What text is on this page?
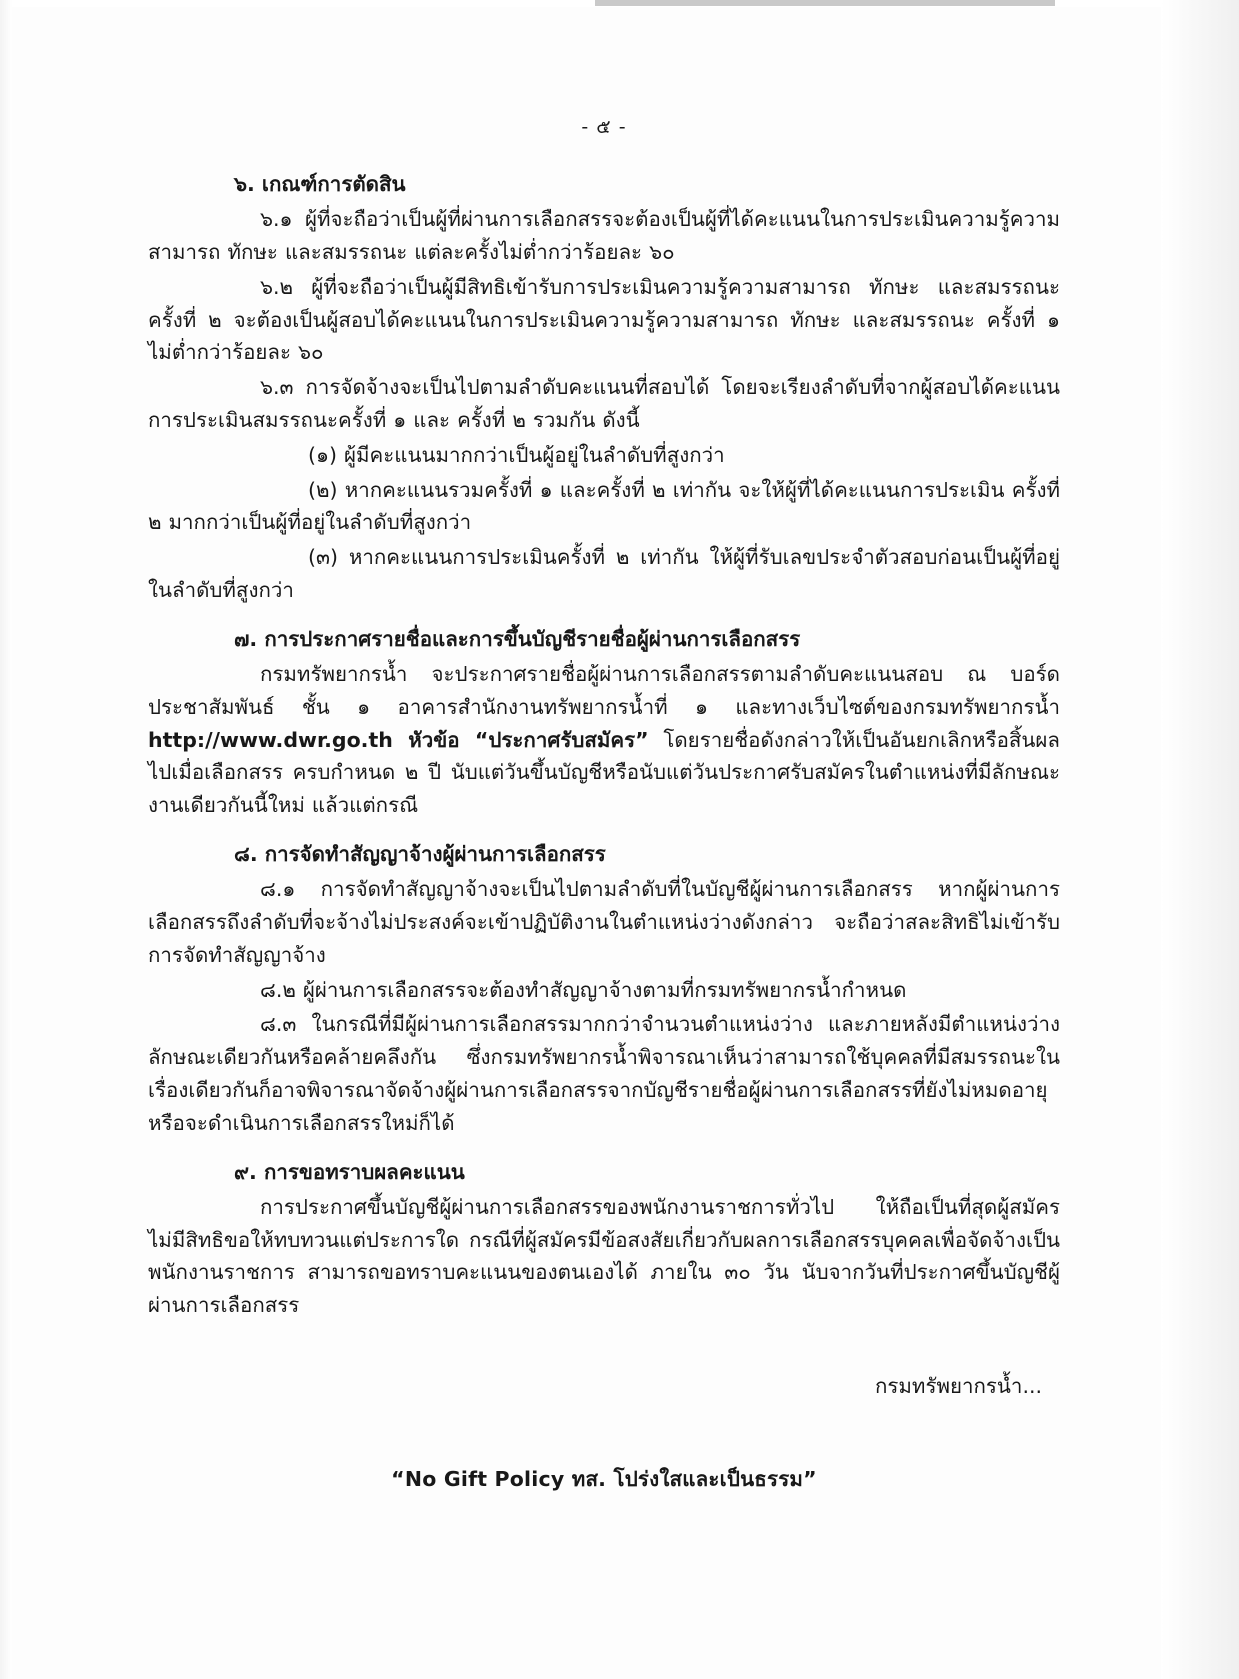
- ๕ -
๖. เกณฑ์การตัดสิน

๖.๑ ผู้ที่จะถือว่าเป็นผู้ที่ผ่านการเลือกสรรจะต้องเป็นผู้ที่ได้คะแนนในการประเมินความรู้ความสามารถ ทักษะ และสมรรถนะ แต่ละครั้งไม่ต่ำกว่าร้อยละ ๖๐

๖.๒ ผู้ที่จะถือว่าเป็นผู้มีสิทธิเข้ารับการประเมินความรู้ความสามารถ ทักษะ และสมรรถนะ ครั้งที่ ๒ จะต้องเป็นผู้สอบได้คะแนนในการประเมินความรู้ความสามารถ ทักษะ และสมรรถนะ ครั้งที่ ๑ ไม่ต่ำกว่าร้อยละ ๖๐

๖.๓ การจัดจ้างจะเป็นไปตามลำดับคะแนนที่สอบได้ โดยจะเรียงลำดับที่จากผู้สอบได้คะแนนการประเมินสมรรถนะครั้งที่ ๑ และ ครั้งที่ ๒ รวมกัน ดังนี้

(๑) ผู้มีคะแนนมากกว่าเป็นผู้อยู่ในลำดับที่สูงกว่า

(๒) หากคะแนนรวมครั้งที่ ๑ และครั้งที่ ๒ เท่ากัน จะให้ผู้ที่ได้คะแนนการประเมิน ครั้งที่ ๒ มากกว่าเป็นผู้ที่อยู่ในลำดับที่สูงกว่า

(๓) หากคะแนนการประเมินครั้งที่ ๒ เท่ากัน ให้ผู้ที่รับเลขประจำตัวสอบก่อนเป็นผู้ที่อยู่ในลำดับที่สูงกว่า

๗. การประกาศรายชื่อและการขึ้นบัญชีรายชื่อผู้ผ่านการเลือกสรร

กรมทรัพยากรน้ำ จะประกาศรายชื่อผู้ผ่านการเลือกสรรตามลำดับคะแนนสอบ ณ บอร์ดประชาสัมพันธ์ ชั้น ๑ อาคารสำนักงานทรัพยากรน้ำที่ ๑ และทางเว็บไซต์ของกรมทรัพยากรน้ำ http://www.dwr.go.th หัวข้อ “ประกาศรับสมัคร” โดยรายชื่อดังกล่าวให้เป็นอันยกเลิกหรือสิ้นผลไปเมื่อเลือกสรร ครบกำหนด ๒ ปี นับแต่วันขึ้นบัญชีหรือนับแต่วันประกาศรับสมัครในตำแหน่งที่มีลักษณะงานเดียวกันนี้ใหม่ แล้วแต่กรณี

๘. การจัดทำสัญญาจ้างผู้ผ่านการเลือกสรร

๘.๑ การจัดทำสัญญาจ้างจะเป็นไปตามลำดับที่ในบัญชีผู้ผ่านการเลือกสรร หากผู้ผ่านการเลือกสรรถึงลำดับที่จะจ้างไม่ประสงค์จะเข้าปฏิบัติงานในตำแหน่งว่างดังกล่าว จะถือว่าสละสิทธิไม่เข้ารับการจัดทำสัญญาจ้าง

๘.๒ ผู้ผ่านการเลือกสรรจะต้องทำสัญญาจ้างตามที่กรมทรัพยากรน้ำกำหนด

๘.๓ ในกรณีที่มีผู้ผ่านการเลือกสรรมากกว่าจำนวนตำแหน่งว่าง และภายหลังมีตำแหน่งว่างลักษณะเดียวกันหรือคล้ายคลึงกัน ซึ่งกรมทรัพยากรน้ำพิจารณาเห็นว่าสามารถใช้บุคคลที่มีสมรรถนะในเรื่องเดียวกันก็อาจพิจารณาจัดจ้างผู้ผ่านการเลือกสรรจากบัญชีรายชื่อผู้ผ่านการเลือกสรรที่ยังไม่หมดอายุ หรือจะดำเนินการเลือกสรรใหม่ก็ได้

๙. การขอทราบผลคะแนน

การประกาศขึ้นบัญชีผู้ผ่านการเลือกสรรของพนักงานราชการทั่วไป ให้ถือเป็นที่สุดผู้สมัครไม่มีสิทธิขอให้ทบทวนแต่ประการใด กรณีที่ผู้สมัครมีข้อสงสัยเกี่ยวกับผลการเลือกสรรบุคคลเพื่อจัดจ้างเป็นพนักงานราชการ สามารถขอทราบคะแนนของตนเองได้ ภายใน ๓๐ วัน นับจากวันที่ประกาศขึ้นบัญชีผู้ผ่านการเลือกสรร

กรมทรัพยากรน้ำ...
“No Gift Policy ทส. โปร่งใสและเป็นธรรม”
